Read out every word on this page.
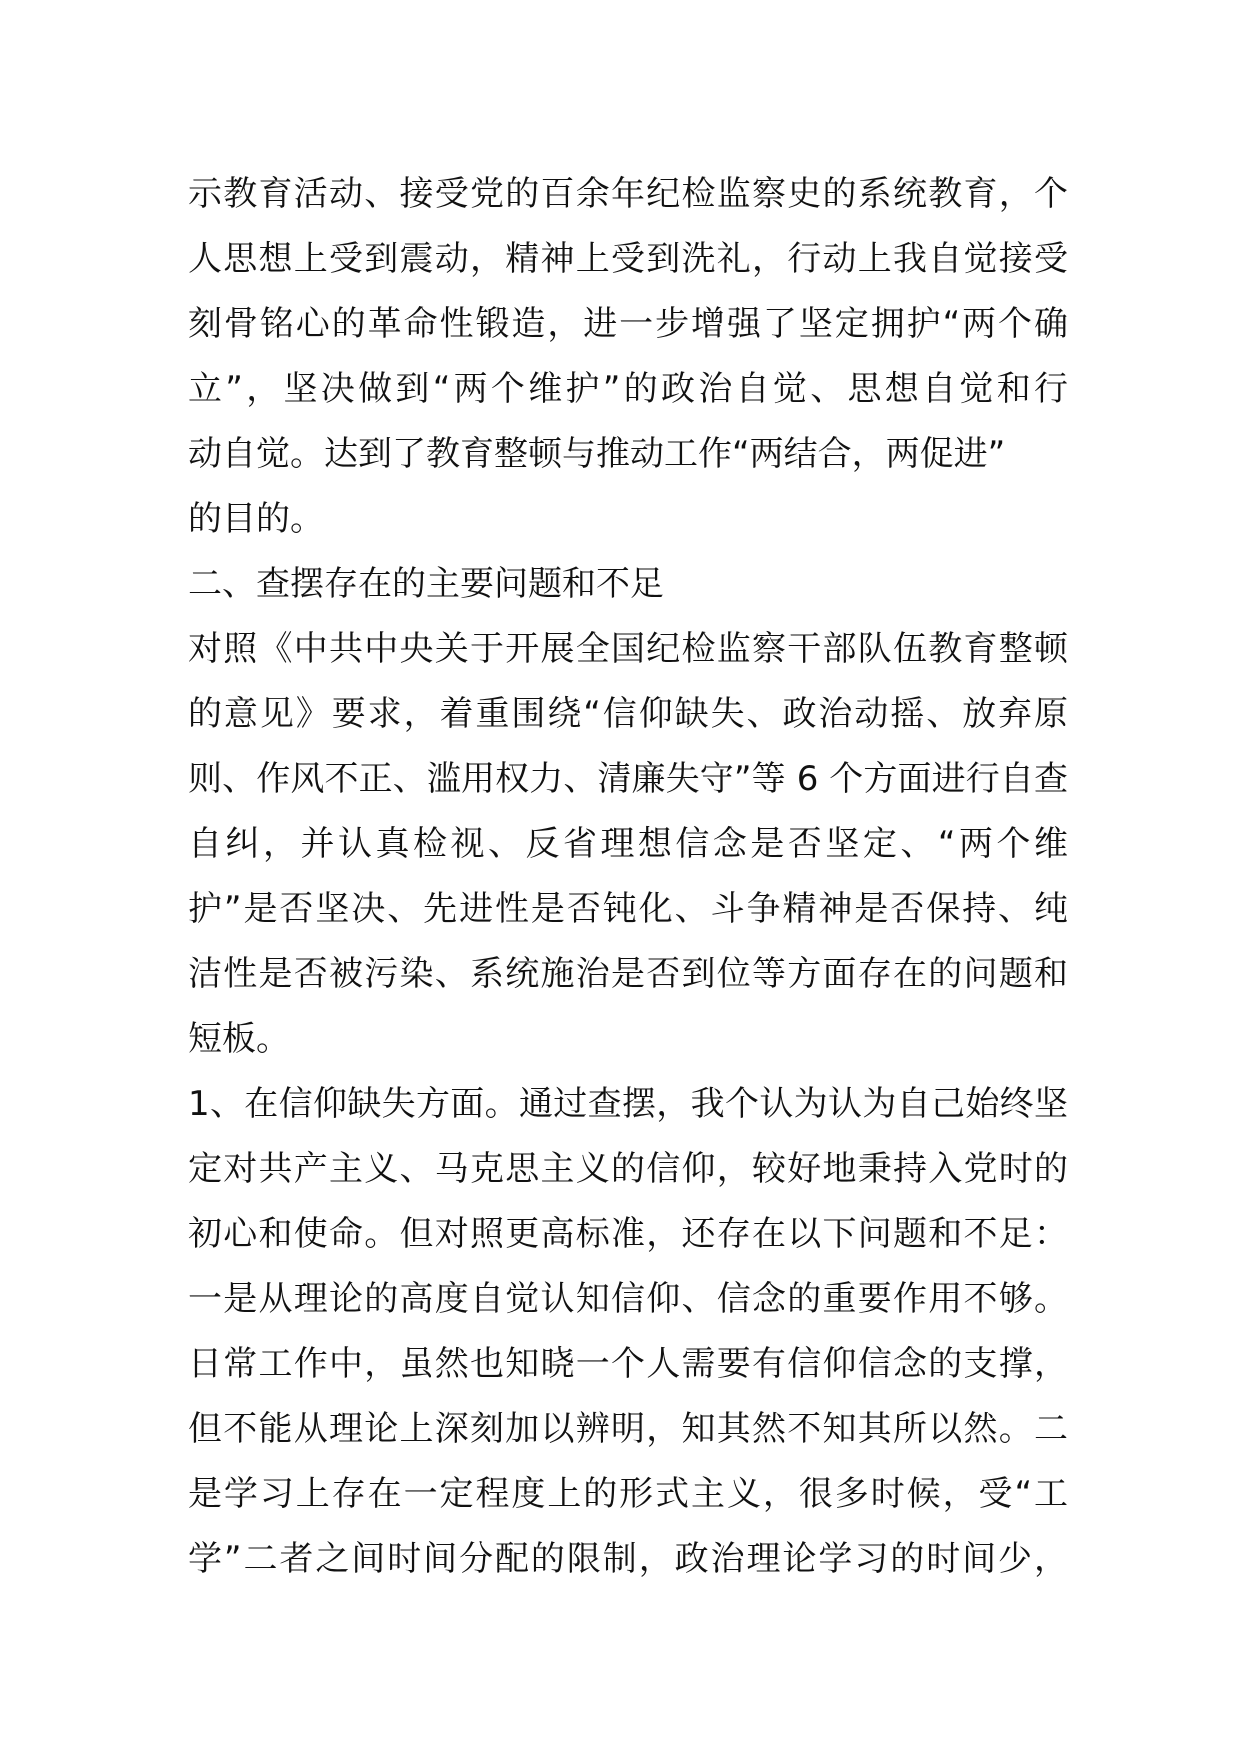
示教育活动、接受党的百余年纪检监察史的系统教育，个
人思想上受到震动，精神上受到洗礼，行动上我自觉接受
刻骨铭心的革命性锻造，进一步增强了坚定拥护“两个确
立”，坚决做到“两个维护”的政治自觉、思想自觉和行
动自觉。达到了教育整顿与推动工作“两结合，两促进”
的目的。
二、查摆存在的主要问题和不足
对照《中共中央关于开展全国纪检监察干部队伍教育整顿
的意见》要求，着重围绕“信仰缺失、政治动摇、放弃原
则、作风不正、滥用权力、清廉失守”等 6 个方面进行自查
自纠，并认真检视、反省理想信念是否坚定、“两个维
护”是否坚决、先进性是否钝化、斗争精神是否保持、纯
洁性是否被污染、系统施治是否到位等方面存在的问题和
短板。
1、在信仰缺失方面。通过查摆，我个认为认为自己始终坚
定对共产主义、马克思主义的信仰，较好地秉持入党时的
初心和使命。但对照更高标准，还存在以下问题和不足：
一是从理论的高度自觉认知信仰、信念的重要作用不够。
日常工作中，虽然也知晓一个人需要有信仰信念的支撑，
但不能从理论上深刻加以辨明，知其然不知其所以然。二
是学习上存在一定程度上的形式主义，很多时候，受“工
学”二者之间时间分配的限制，政治理论学习的时间少，
